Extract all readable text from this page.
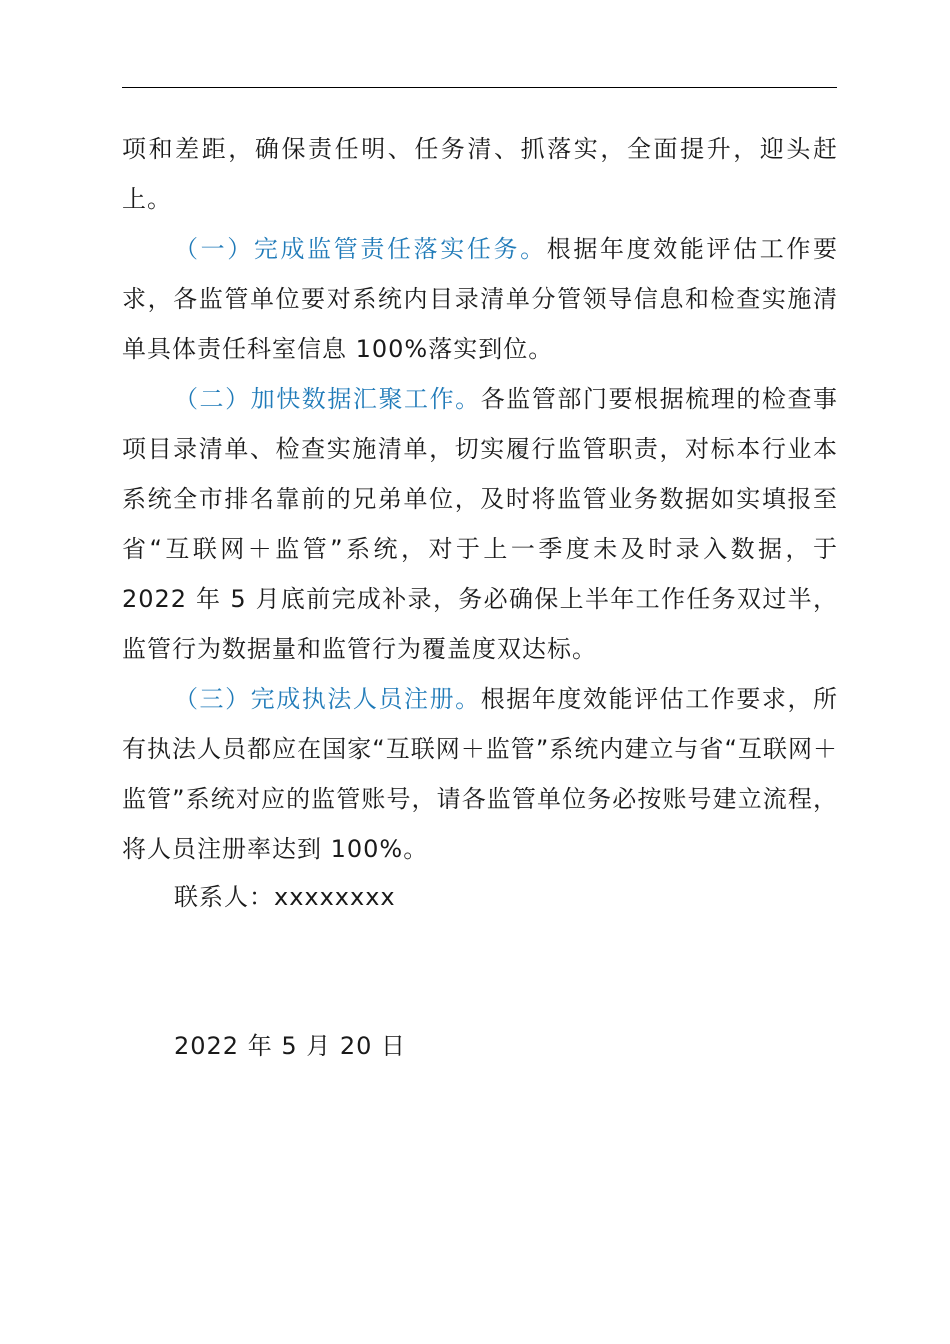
项和差距，确保责任明、任务清、抓落实，全面提升，迎头赶上。

（一）完成监管责任落实任务。根据年度效能评估工作要求，各监管单位要对系统内目录清单分管领导信息和检查实施清单具体责任科室信息 100%落实到位。

（二）加快数据汇聚工作。各监管部门要根据梳理的检查事项目录清单、检查实施清单，切实履行监管职责，对标本行业本系统全市排名靠前的兄弟单位，及时将监管业务数据如实填报至省“互联网＋监管”系统，对于上一季度未及时录入数据，于 2022 年 5 月底前完成补录，务必确保上半年工作任务双过半，监管行为数据量和监管行为覆盖度双达标。

（三）完成执法人员注册。根据年度效能评估工作要求，所有执法人员都应在国家“互联网＋监管”系统内建立与省“互联网＋监管”系统对应的监管账号，请各监管单位务必按账号建立流程，将人员注册率达到 100%。

联系人：xxxxxxxx
2022 年 5 月 20 日
